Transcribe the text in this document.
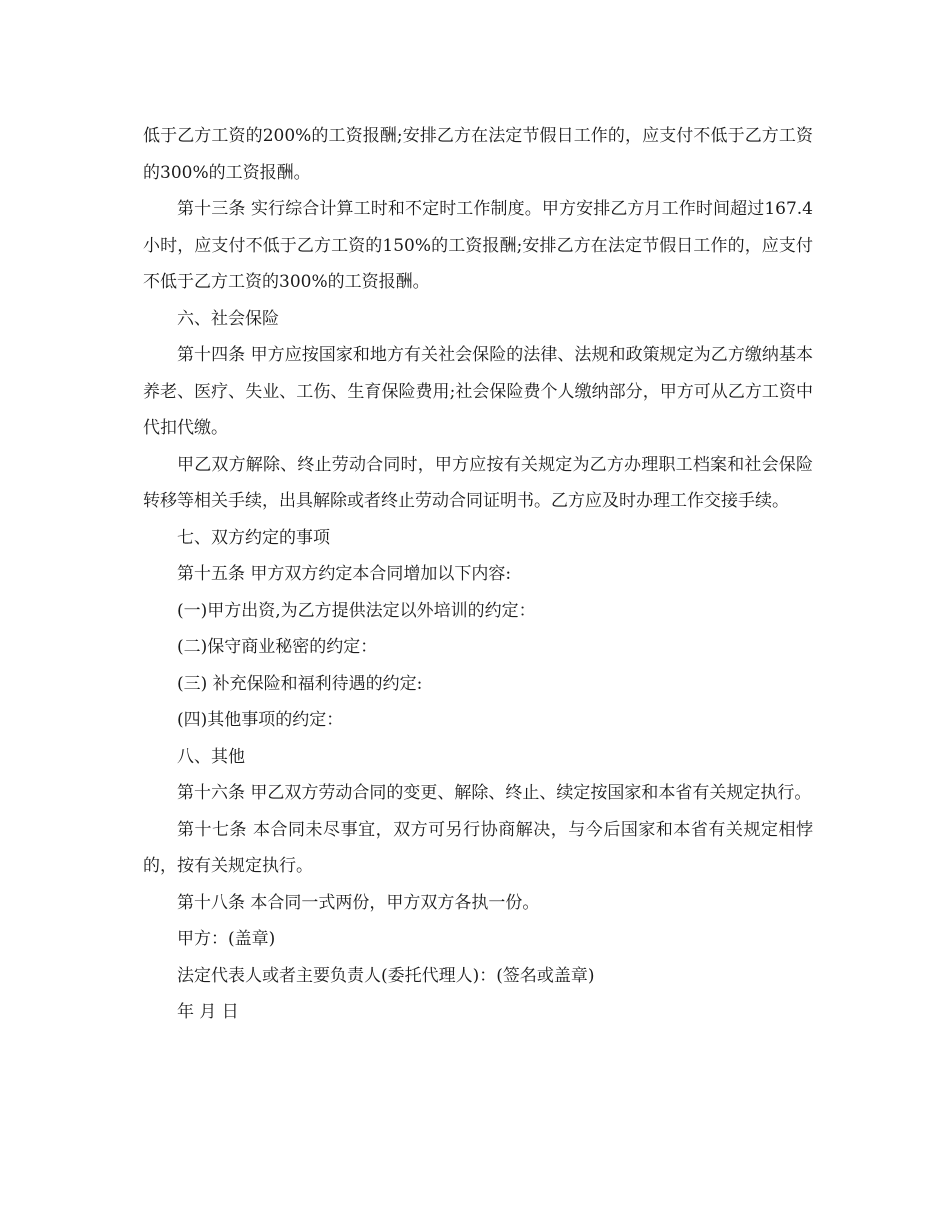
低于乙方工资的200%的工资报酬;安排乙方在法定节假日工作的，应支付不低于乙方工资的300%的工资报酬。

第十三条 实行综合计算工时和不定时工作制度。甲方安排乙方月工作时间超过167.4小时，应支付不低于乙方工资的150%的工资报酬;安排乙方在法定节假日工作的，应支付不低于乙方工资的300%的工资报酬。

六、社会保险

第十四条 甲方应按国家和地方有关社会保险的法律、法规和政策规定为乙方缴纳基本养老、医疗、失业、工伤、生育保险费用;社会保险费个人缴纳部分，甲方可从乙方工资中代扣代缴。

甲乙双方解除、终止劳动合同时，甲方应按有关规定为乙方办理职工档案和社会保险转移等相关手续，出具解除或者终止劳动合同证明书。乙方应及时办理工作交接手续。

七、双方约定的事项

第十五条 甲方双方约定本合同增加以下内容:

(一)甲方出资,为乙方提供法定以外培训的约定：

(二)保守商业秘密的约定：

(三) 补充保险和福利待遇的约定:

(四)其他事项的约定：

八、其他

第十六条 甲乙双方劳动合同的变更、解除、终止、续定按国家和本省有关规定执行。

第十七条 本合同未尽事宜，双方可另行协商解决，与今后国家和本省有关规定相悖的，按有关规定执行。

第十八条 本合同一式两份，甲方双方各执一份。

甲方：(盖章)

法定代表人或者主要负责人(委托代理人)：(签名或盖章)

年 月 日
